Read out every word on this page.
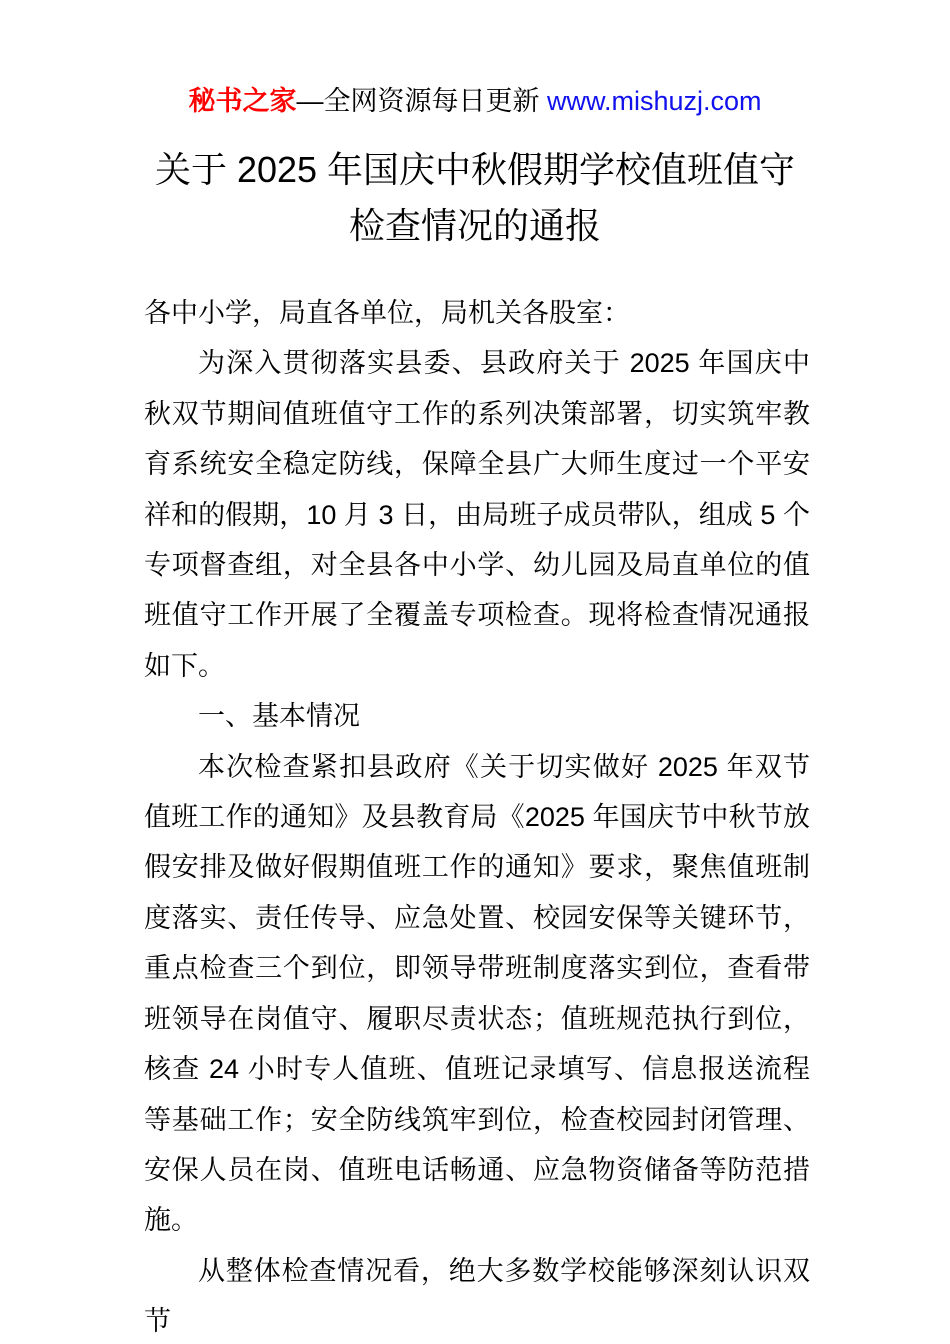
秘书之家—全网资源每日更新 www.mishuzj.com
关于 2025 年国庆中秋假期学校值班值守
检查情况的通报

各中小学，局直各单位，局机关各股室：

为深入贯彻落实县委、县政府关于 2025 年国庆中秋双节期间值班值守工作的系列决策部署，切实筑牢教育系统安全稳定防线，保障全县广大师生度过一个平安祥和的假期，10 月 3 日，由局班子成员带队，组成 5 个专项督查组，对全县各中小学、幼儿园及局直单位的值班值守工作开展了全覆盖专项检查。现将检查情况通报如下。

一、基本情况

本次检查紧扣县政府《关于切实做好 2025 年双节值班工作的通知》及县教育局《2025 年国庆节中秋节放假安排及做好假期值班工作的通知》要求，聚焦值班制度落实、责任传导、应急处置、校园安保等关键环节，重点检查三个到位，即领导带班制度落实到位，查看带班领导在岗值守、履职尽责状态；值班规范执行到位，核查 24 小时专人值班、值班记录填写、信息报送流程等基础工作；安全防线筑牢到位，检查校园封闭管理、安保人员在岗、值班电话畅通、应急物资储备等防范措施。

从整体检查情况看，绝大多数学校能够深刻认识双节
